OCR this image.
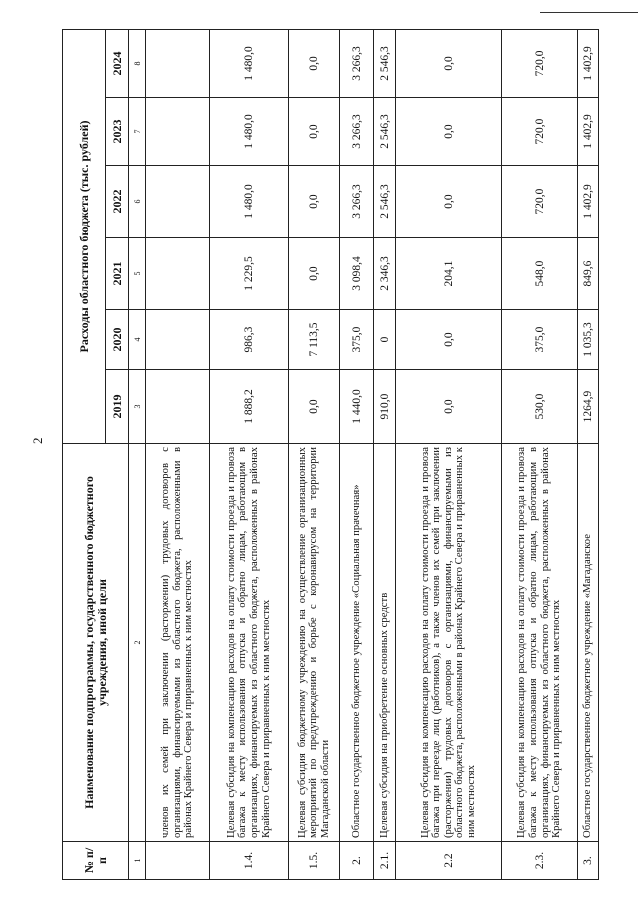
2
№ п/п	Наименование подпрограммы, государственного бюджетного учреждения, иной цели	Расходы областного бюджета (тыс. рублей)					
		2019	2020	2021	2022	2023	2024
1	2	3	4	5	6	7	8
	членов их семей при заключении (расторжении) трудовых договоров с организациями, финансируемыми из областного бюджета, расположенными в районах Крайнего Севера и приравненных к ним местностях						
1.4.	Целевая субсидия на компенсацию расходов на оплату стоимости проезда и провоза багажа к месту использования отпуска и обратно лицам, работающим в организациях, финансируемых из областного бюджета, расположенных в районах Крайнего Севера и приравненных к ним местностях	1 888,2	986,3	1 229,5	1 480,0	1 480,0	1 480,0
1.5.	Целевая субсидия бюджетному учреждению на осуществление организационных мероприятий по предупреждению и борьбе с коронавирусом на территории Магаданской области	0,0	7 113,5	0,0	0,0	0,0	0,0
2.	Областное государственное бюджетное учреждение «Социальная прачечная»	1 440,0	375,0	3 098,4	3 266,3	3 266,3	3 266,3
2.1.	Целевая субсидия на приобретение основных средств	910,0	0	2 346,3	2 546,3	2 546,3	2 546,3
2.2	Целевая субсидия на компенсацию расходов на оплату стоимости проезда и провоза багажа при переезде лиц (работников), а также членов их семей при заключении (расторжении) трудовых договоров с организациями, финансируемыми из областного бюджета, расположенными в районах Крайнего Севера и приравненных к ним местностях	0,0	0,0	204,1	0,0	0,0	0,0
2.3.	Целевая субсидия на компенсацию расходов на оплату стоимости проезда и провоза багажа к месту использования отпуска и обратно лицам, работающим в организациях, финансируемых из областного бюджета, расположенных в районах Крайнего Севера и приравненных к ним местностях	530,0	375,0	548,0	720,0	720,0	720,0
3.	Областное государственное бюджетное учреждение «Магаданское	1264,9	1 035,3	849,6	1 402,9	1 402,9	1 402,9
